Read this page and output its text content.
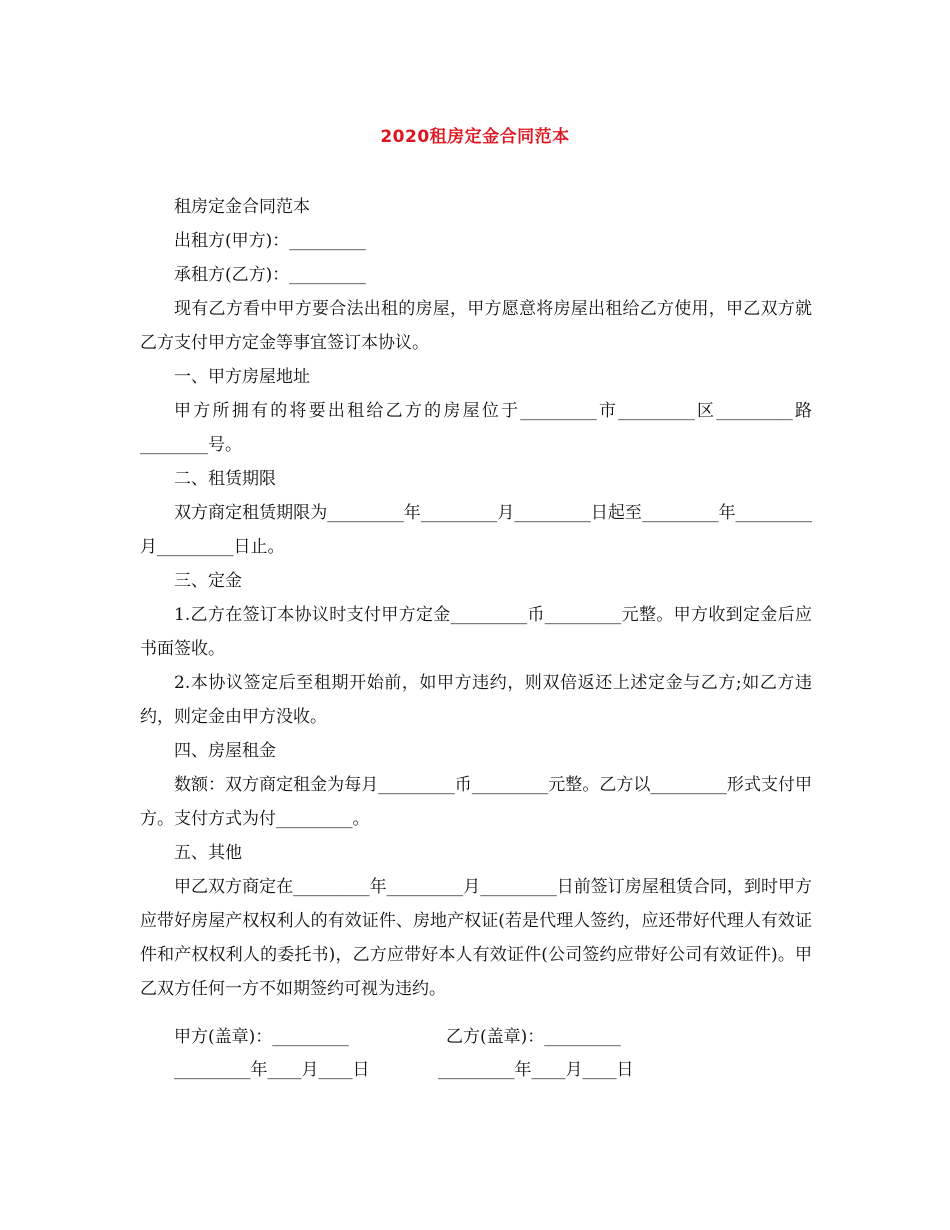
2020租房定金合同范本

租房定金合同范本

出租方(甲方)：_________

承租方(乙方)：_________

现有乙方看中甲方要合法出租的房屋，甲方愿意将房屋出租给乙方使用，甲乙双方就乙方支付甲方定金等事宜签订本协议。

一、甲方房屋地址

甲方所拥有的将要出租给乙方的房屋位于_________市_________区_________路________号。

二、租赁期限

双方商定租赁期限为_________年_________月_________日起至_________年_________月_________日止。

三、定金

1.乙方在签订本协议时支付甲方定金_________币_________元整。甲方收到定金后应书面签收。

2.本协议签定后至租期开始前，如甲方违约，则双倍返还上述定金与乙方;如乙方违约，则定金由甲方没收。

四、房屋租金

数额：双方商定租金为每月_________币_________元整。乙方以_________形式支付甲方。支付方式为付_________。

五、其他

甲乙双方商定在_________年_________月_________日前签订房屋租赁合同，到时甲方应带好房屋产权权利人的有效证件、房地产权证(若是代理人签约，应还带好代理人有效证件和产权权利人的委托书)，乙方应带好本人有效证件(公司签约应带好公司有效证件)。甲乙双方任何一方不如期签约可视为违约。

甲方(盖章)：_________	乙方(盖章)：_________
_________年____月____日	_________年____月____日
